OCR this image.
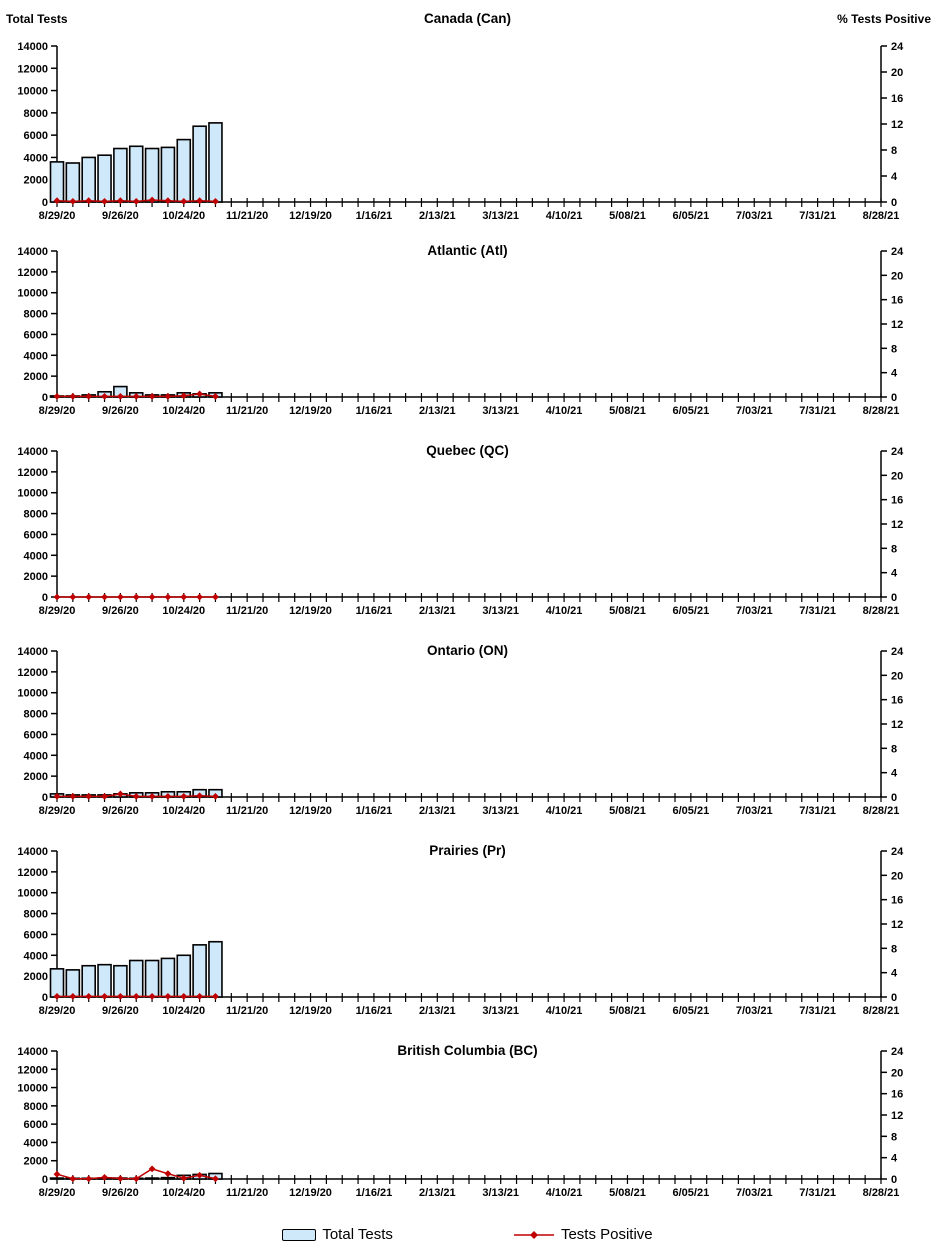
Total Tests	Canada (Can)	% Tests Positive
0
2000
4000
6000
8000
10000
12000
14000
0
4
8
12
16
20
24
8/29/20 9/26/20 10/24/20 11/21/20 12/19/20 1/16/21 2/13/21 3/13/21 4/10/21 5/08/21 6/05/21 7/03/21 7/31/21 8/28/21
Atlantic (Atl)
0
2000
4000
6000
8000
10000
12000
14000
0
4
8
12
16
20
24
8/29/20 9/26/20 10/24/20 11/21/20 12/19/20 1/16/21 2/13/21 3/13/21 4/10/21 5/08/21 6/05/21 7/03/21 7/31/21 8/28/21
Quebec (QC)
0
2000
4000
6000
8000
10000
12000
14000
0
4
8
12
16
20
24
8/29/20 9/26/20 10/24/20 11/21/20 12/19/20 1/16/21 2/13/21 3/13/21 4/10/21 5/08/21 6/05/21 7/03/21 7/31/21 8/28/21
Ontario (ON)
0
2000
4000
6000
8000
10000
12000
14000
0
4
8
12
16
20
24
8/29/20 9/26/20 10/24/20 11/21/20 12/19/20 1/16/21 2/13/21 3/13/21 4/10/21 5/08/21 6/05/21 7/03/21 7/31/21 8/28/21
Prairies (Pr)
0
2000
4000
6000
8000
10000
12000
14000
0
4
8
12
16
20
24
8/29/20 9/26/20 10/24/20 11/21/20 12/19/20 1/16/21 2/13/21 3/13/21 4/10/21 5/08/21 6/05/21 7/03/21 7/31/21 8/28/21
British Columbia (BC)
0
2000
4000
6000
8000
10000
12000
14000
0
4
8
12
16
20
24
8/29/20 9/26/20 10/24/20 11/21/20 12/19/20 1/16/21 2/13/21 3/13/21 4/10/21 5/08/21 6/05/21 7/03/21 7/31/21 8/28/21
Total Tests	Tests Positive
